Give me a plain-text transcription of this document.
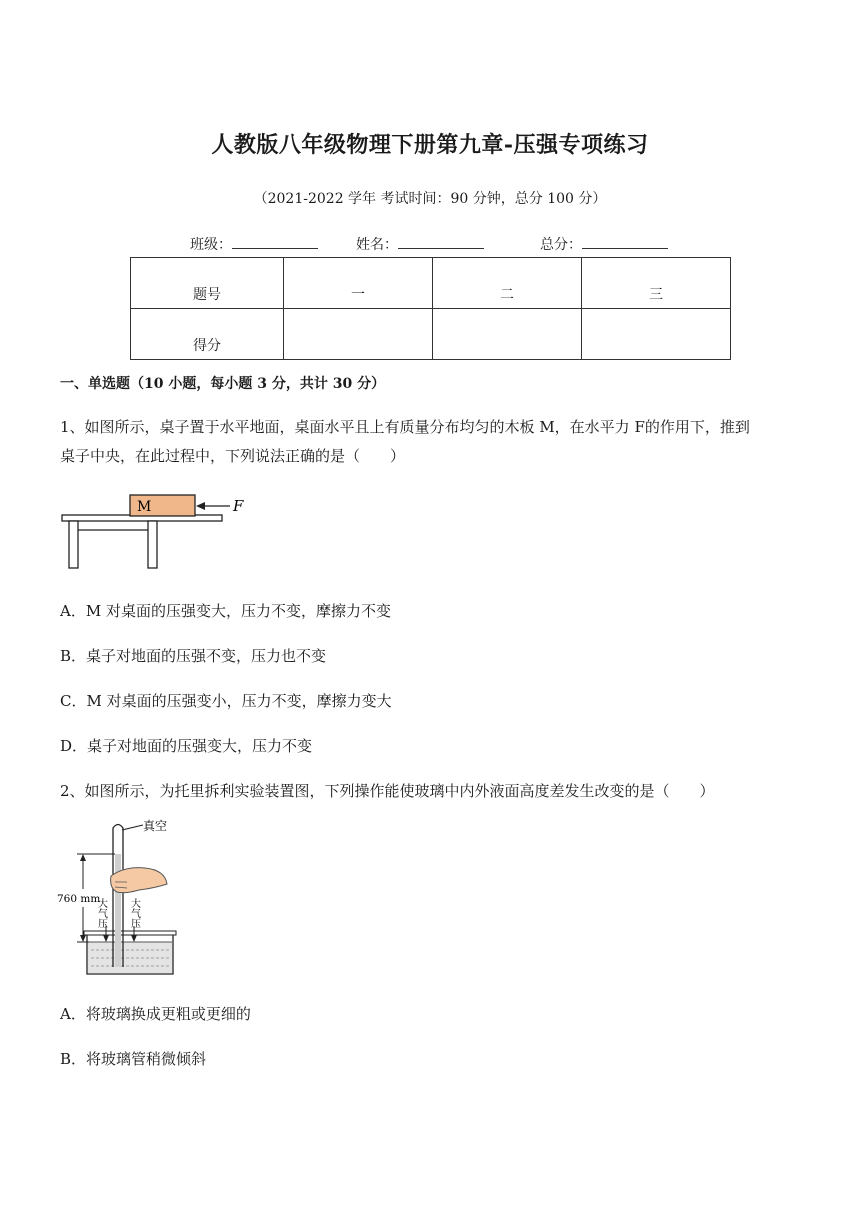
人教版八年级物理下册第九章-压强专项练习
（2021-2022 学年 考试时间：90 分钟，总分 100 分）
班级：	姓名：	总分：
题号	一	二	三
得分			
一、单选题（10 小题，每小题 3 分，共计 30 分）
1、如图所示，桌子置于水平地面，桌面水平且上有质量分布均匀的木板 M，在水平力 F的作用下，推到
桌子中央，在此过程中，下列说法正确的是（　　）
M	F
A．M 对桌面的压强变大，压力不变，摩擦力不变
B．桌子对地面的压强不变，压力也不变
C．M 对桌面的压强变小，压力不变，摩擦力变大
D．桌子对地面的压强变大，压力不变
2、如图所示，为托里拆利实验装置图，下列操作能使玻璃中内外液面高度差发生改变的是（　　）
真空
760 mm
大气压 大气压
A．将玻璃换成更粗或更细的
B．将玻璃管稍微倾斜
